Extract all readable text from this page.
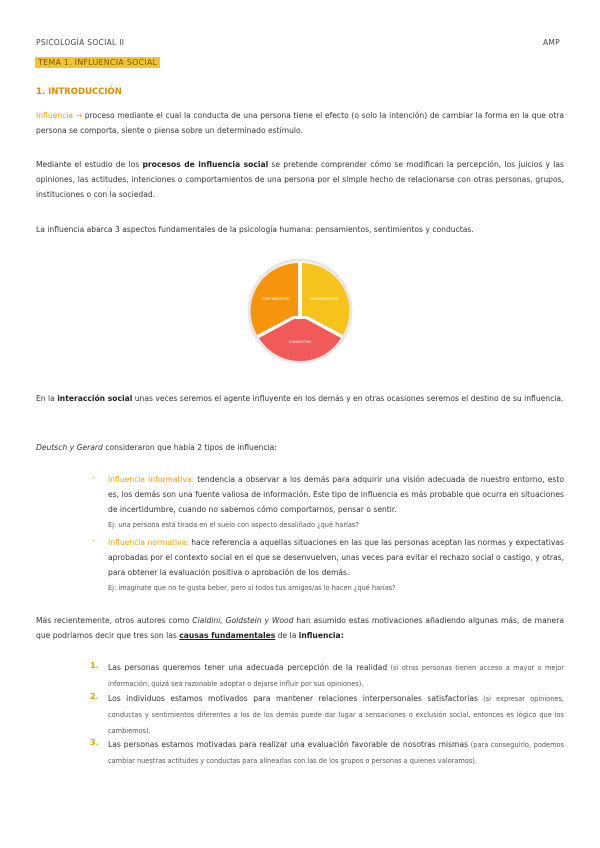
PSICOLOGÍA SOCIAL II	AMP
TEMA 1. INFLUENCIA SOCIAL
1. INTRODUCCIÓN
Influencia → proceso mediante el cual la conducta de una persona tiene el efecto (o solo la intención) de cambiar la forma en la que otra persona se comporta, siente o piensa sobre un determinado estímulo.
Mediante el estudio de los procesos de influencia social se pretende comprender cómo se modifican la percepción, los juicios y las opiniones, las actitudes, intenciones o comportamientos de una persona por el simple hecho de relacionarse con otras personas, grupos, instituciones o con la sociedad.
La influencia abarca 3 aspectos fundamentales de la psicología humana: pensamientos, sentimientos y conductas.
PENSAMIENTOS
CONDUCTAS
SENTIMIENTOS
En la interacción social unas veces seremos el agente influyente en los demás y en otras ocasiones seremos el destino de su influencia.
Deutsch y Gerard consideraron que había 2 tipos de influencia:
- Influencia informativa: tendencia a observar a los demás para adquirir una visión adecuada de nuestro entorno, esto es, los demás son una fuente valiosa de información. Este tipo de influencia es más probable que ocurra en situaciones de incertidumbre, cuando no sabemos cómo comportarnos, pensar o sentir.
Ej: una persona está tirada en el suelo con aspecto desaliñado ¿qué harías?
- Influencia normativa: hace referencia a aquellas situaciones en las que las personas aceptan las normas y expectativas aprobadas por el contexto social en el que se desenvuelven, unas veces para evitar el rechazo social o castigo, y otras, para obtener la evaluación positiva o aprobación de los demás.
Ej: imagínate que no te gusta beber, pero si todos tus amigos/as lo hacen ¿qué harías?
Más recientemente, otros autores como Cialdini, Goldstein y Wood han asumido estas motivaciones añadiendo algunas más, de manera que podríamos decir que tres son las causas fundamentales de la influencia:
1. Las personas queremos tener una adecuada percepción de la realidad (si otras personas tienen acceso a mayor o mejor información, quizá sea razonable adoptar o dejarse influir por sus opiniones).
2. Los individuos estamos motivados para mantener relaciones interpersonales satisfactorias (si expresar opiniones, conductas y sentimientos diferentes a los de los demás puede dar lugar a sensaciones o exclusión social, entonces es lógico que los cambiemos).
3. Las personas estamos motivadas para realizar una evaluación favorable de nosotras mismas (para conseguirlo, podemos cambiar nuestras actitudes y conductas para alinearlas con las de los grupos o personas a quienes valoramos).
